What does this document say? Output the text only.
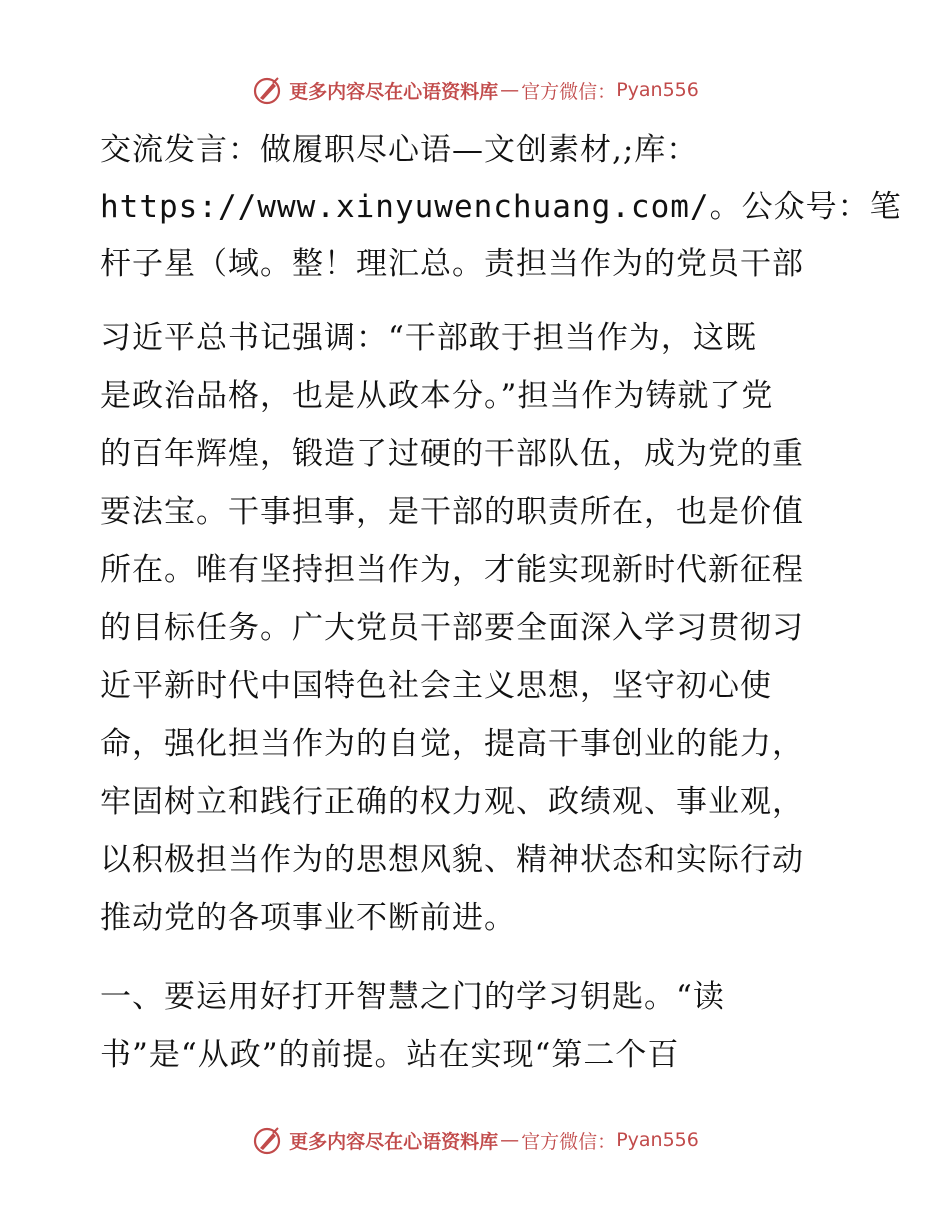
更多内容尽在心语资料库 — 官方微信： Pyan556
交流发言：做履职尽心语—文创素材,;库：
https://www.xinyuwenchuang.com/。公众号：笔
杆子星（域。整！理汇总。责担当作为的党员干部
习近平总书记强调：“干部敢于担当作为，这既
是政治品格，也是从政本分。”担当作为铸就了党
的百年辉煌，锻造了过硬的干部队伍，成为党的重
要法宝。干事担事，是干部的职责所在，也是价值
所在。唯有坚持担当作为，才能实现新时代新征程
的目标任务。广大党员干部要全面深入学习贯彻习
近平新时代中国特色社会主义思想，坚守初心使
命，强化担当作为的自觉，提高干事创业的能力，
牢固树立和践行正确的权力观、政绩观、事业观，
以积极担当作为的思想风貌、精神状态和实际行动
推动党的各项事业不断前进。
一、要运用好打开智慧之门的学习钥匙。“读
书”是“从政”的前提。站在实现“第二个百
更多内容尽在心语资料库 — 官方微信： Pyan556
